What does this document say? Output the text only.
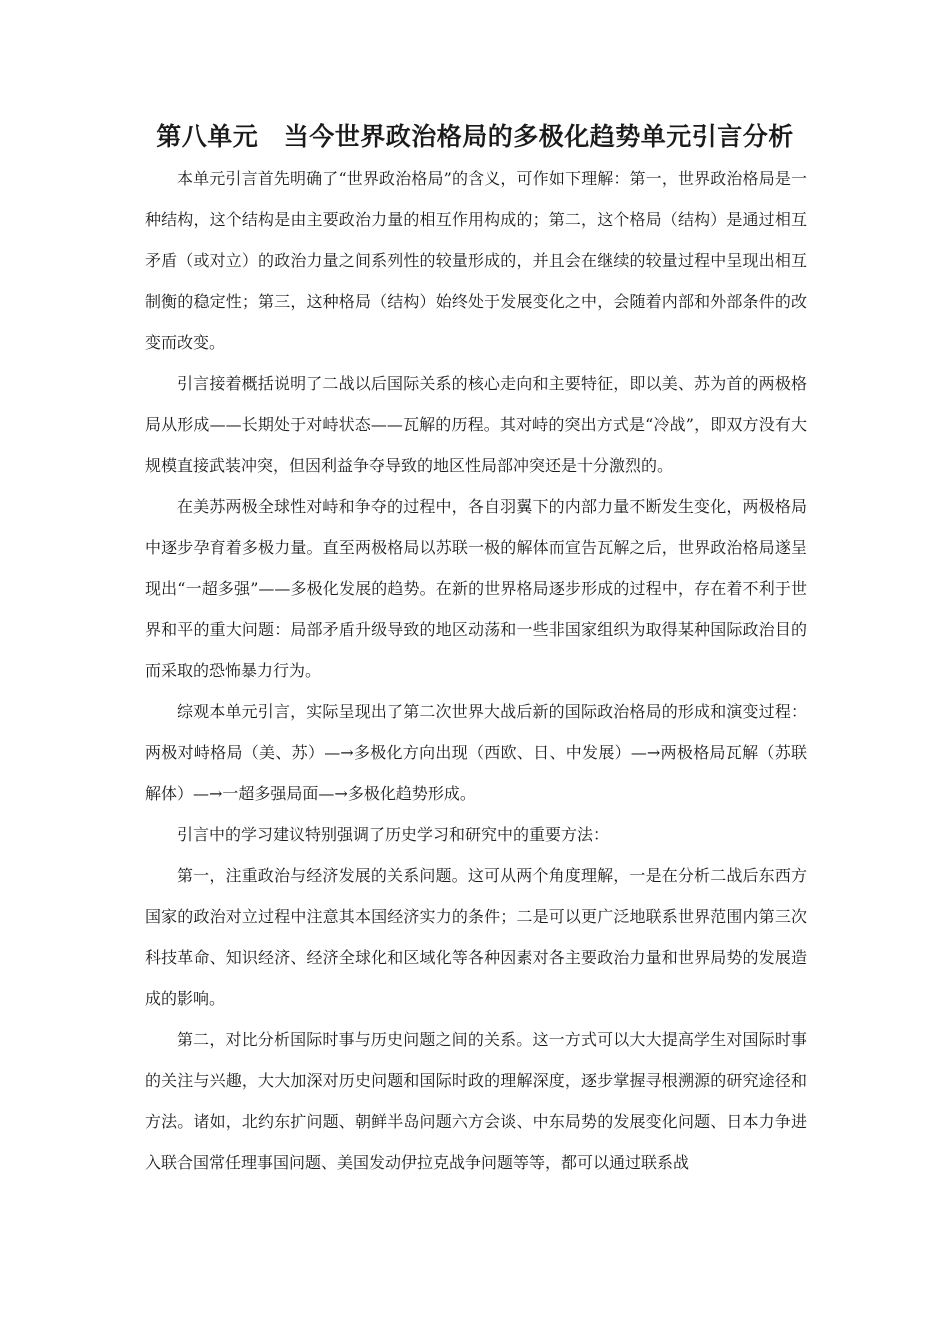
第八单元　当今世界政治格局的多极化趋势单元引言分析

本单元引言首先明确了“世界政治格局”的含义，可作如下理解：第一，世界政治格局是一种结构，这个结构是由主要政治力量的相互作用构成的；第二，这个格局（结构）是通过相互矛盾（或对立）的政治力量之间系列性的较量形成的，并且会在继续的较量过程中呈现出相互制衡的稳定性；第三，这种格局（结构）始终处于发展变化之中，会随着内部和外部条件的改变而改变。

引言接着概括说明了二战以后国际关系的核心走向和主要特征，即以美、苏为首的两极格局从形成——长期处于对峙状态——瓦解的历程。其对峙的突出方式是“冷战”，即双方没有大规模直接武装冲突，但因利益争夺导致的地区性局部冲突还是十分激烈的。

在美苏两极全球性对峙和争夺的过程中，各自羽翼下的内部力量不断发生变化，两极格局中逐步孕育着多极力量。直至两极格局以苏联一极的解体而宣告瓦解之后，世界政治格局遂呈现出“一超多强”——多极化发展的趋势。在新的世界格局逐步形成的过程中，存在着不利于世界和平的重大问题：局部矛盾升级导致的地区动荡和一些非国家组织为取得某种国际政治目的而采取的恐怖暴力行为。

综观本单元引言，实际呈现出了第二次世界大战后新的国际政治格局的形成和演变过程：两极对峙格局（美、苏）—→多极化方向出现（西欧、日、中发展）—→两极格局瓦解（苏联解体）—→一超多强局面—→多极化趋势形成。

引言中的学习建议特别强调了历史学习和研究中的重要方法：

第一，注重政治与经济发展的关系问题。这可从两个角度理解，一是在分析二战后东西方国家的政治对立过程中注意其本国经济实力的条件；二是可以更广泛地联系世界范围内第三次科技革命、知识经济、经济全球化和区域化等各种因素对各主要政治力量和世界局势的发展造成的影响。

第二，对比分析国际时事与历史问题之间的关系。这一方式可以大大提高学生对国际时事的关注与兴趣，大大加深对历史问题和国际时政的理解深度，逐步掌握寻根溯源的研究途径和方法。诸如，北约东扩问题、朝鲜半岛问题六方会谈、中东局势的发展变化问题、日本力争进入联合国常任理事国问题、美国发动伊拉克战争问题等等，都可以通过联系战
